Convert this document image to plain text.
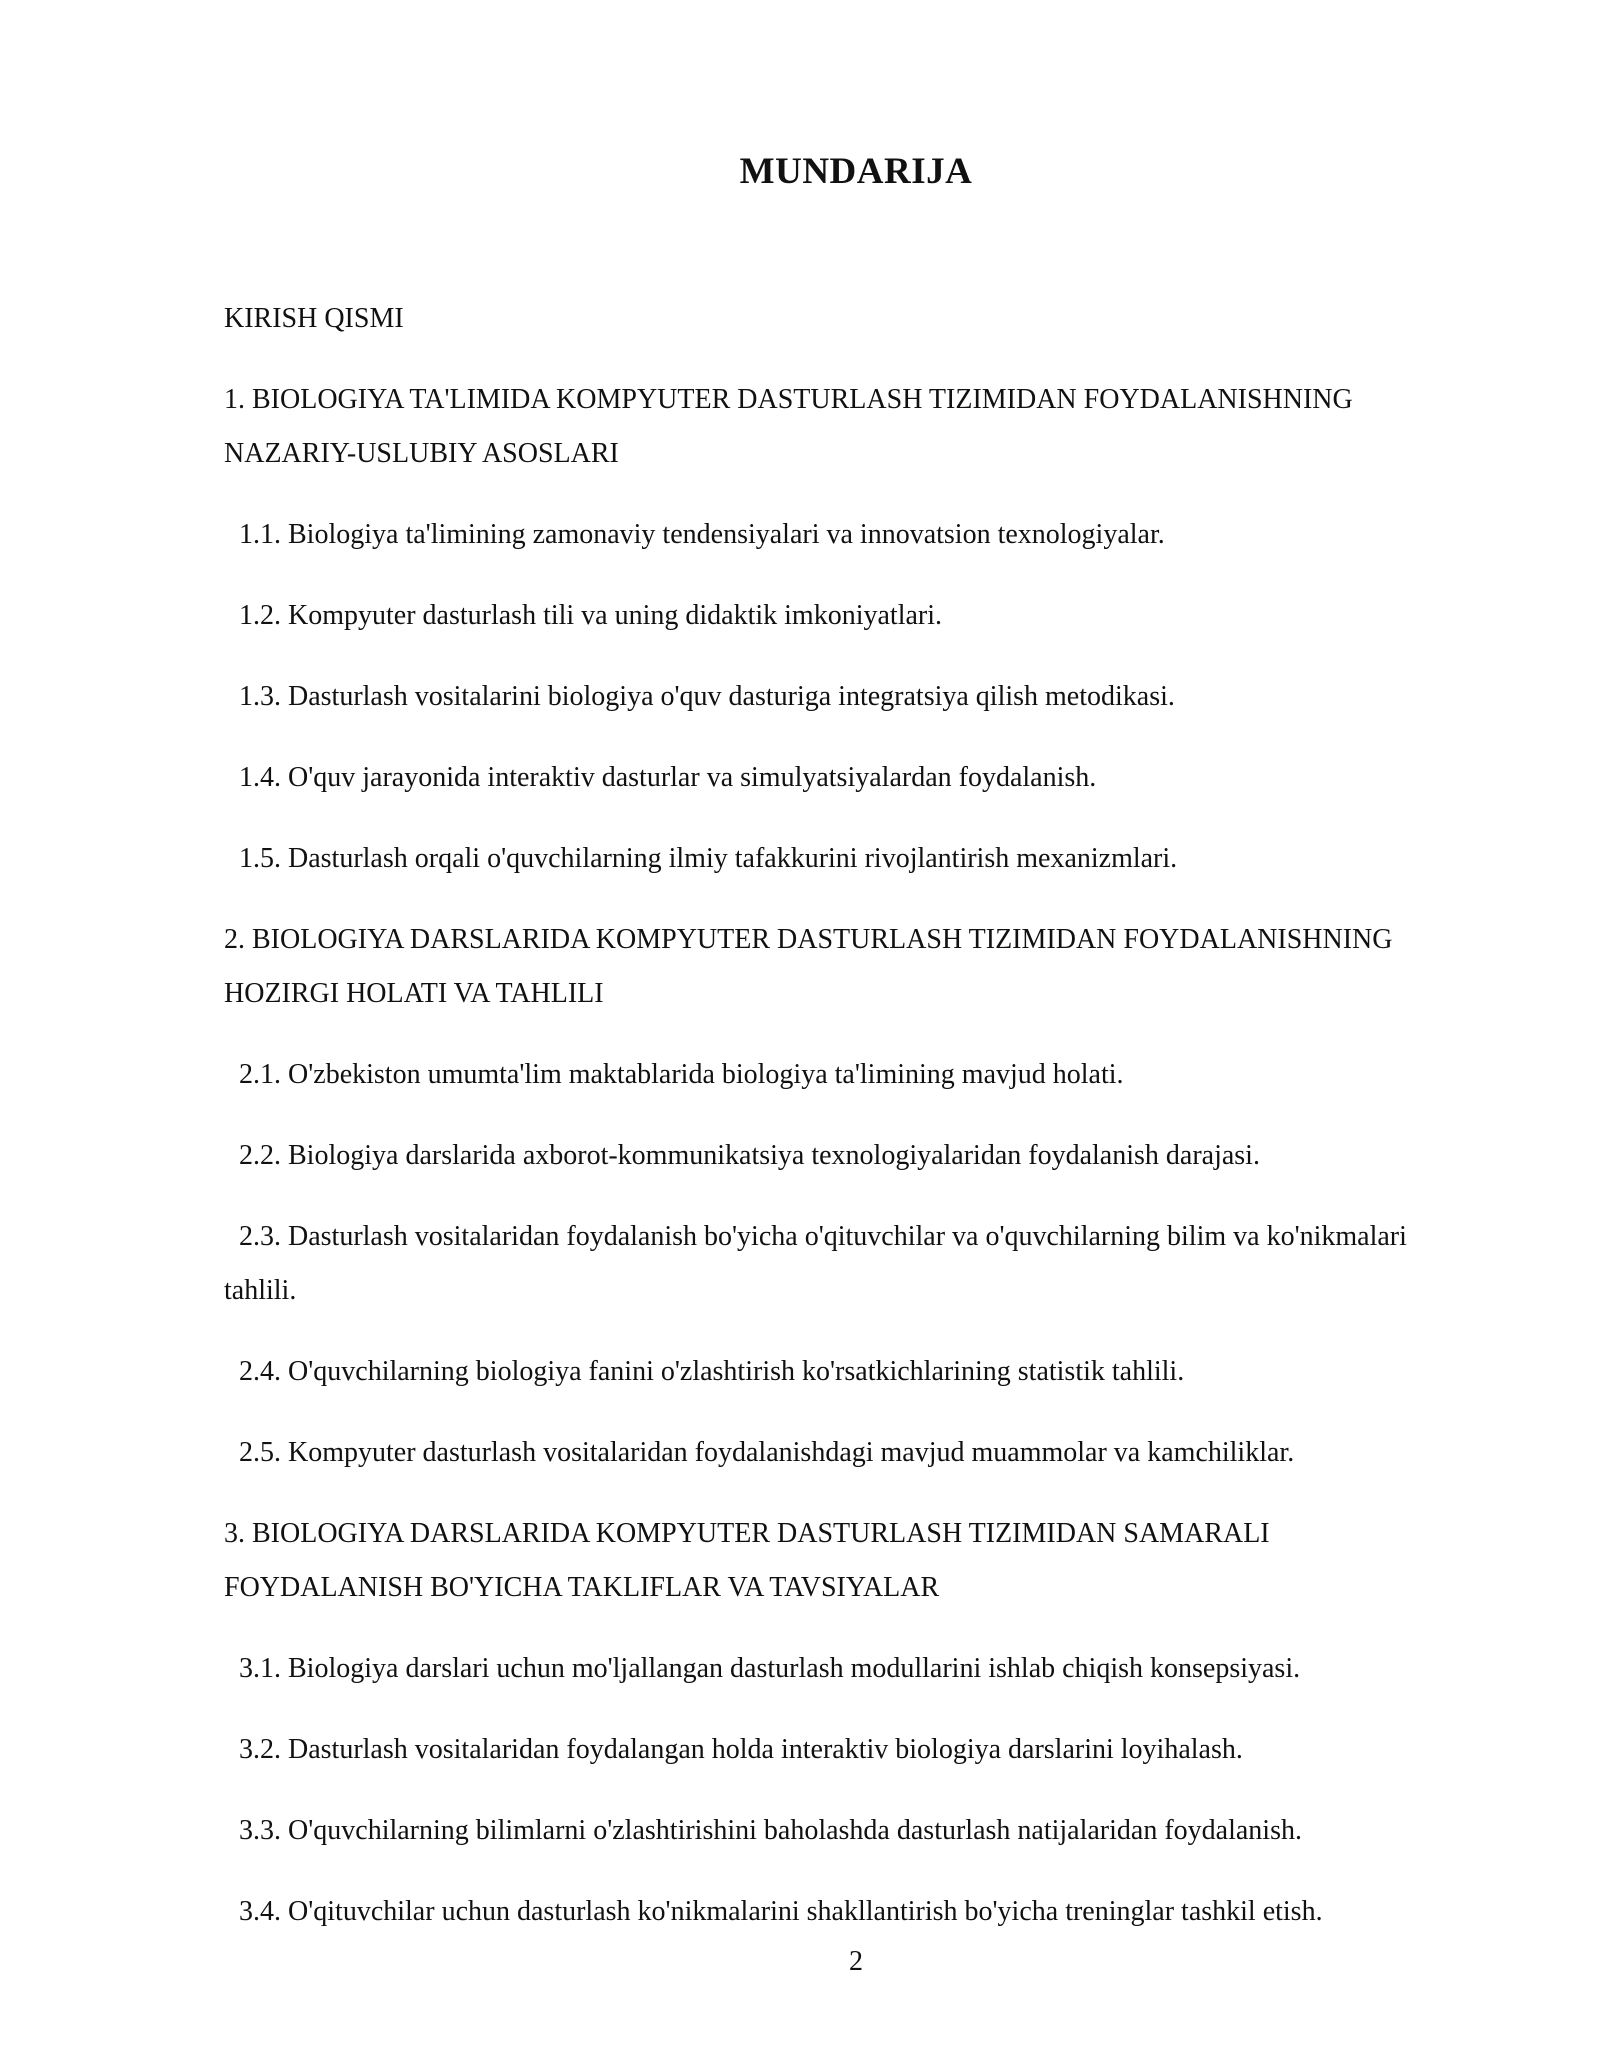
MUNDARIJA
KIRISH QISMI
1. BIOLOGIYA TA'LIMIDA KOMPYUTER DASTURLASH TIZIMIDAN FOYDALANISHNING NAZARIY-USLUBIY ASOSLARI
1.1. Biologiya ta'limining zamonaviy tendensiyalari va innovatsion texnologiyalar.
1.2. Kompyuter dasturlash tili va uning didaktik imkoniyatlari.
1.3. Dasturlash vositalarini biologiya o'quv dasturiga integratsiya qilish metodikasi.
1.4. O'quv jarayonida interaktiv dasturlar va simulyatsiyalardan foydalanish.
1.5. Dasturlash orqali o'quvchilarning ilmiy tafakkurini rivojlantirish mexanizmlari.
2. BIOLOGIYA DARSLARIDA KOMPYUTER DASTURLASH TIZIMIDAN FOYDALANISHNING HOZIRGI HOLATI VA TAHLILI
2.1. O'zbekiston umumta'lim maktablarida biologiya ta'limining mavjud holati.
2.2. Biologiya darslarida axborot-kommunikatsiya texnologiyalaridan foydalanish darajasi.
2.3. Dasturlash vositalaridan foydalanish bo'yicha o'qituvchilar va o'quvchilarning bilim va ko'nikmalari tahlili.
2.4. O'quvchilarning biologiya fanini o'zlashtirish ko'rsatkichlarining statistik tahlili.
2.5. Kompyuter dasturlash vositalaridan foydalanishdagi mavjud muammolar va kamchiliklar.
3. BIOLOGIYA DARSLARIDA KOMPYUTER DASTURLASH TIZIMIDAN SAMARALI FOYDALANISH BO'YICHA TAKLIFLAR VA TAVSIYALAR
3.1. Biologiya darslari uchun mo'ljallangan dasturlash modullarini ishlab chiqish konsepsiyasi.
3.2. Dasturlash vositalaridan foydalangan holda interaktiv biologiya darslarini loyihalash.
3.3. O'quvchilarning bilimlarni o'zlashtirishini baholashda dasturlash natijalaridan foydalanish.
3.4. O'qituvchilar uchun dasturlash ko'nikmalarini shakllantirish bo'yicha treninglar tashkil etish.
2
